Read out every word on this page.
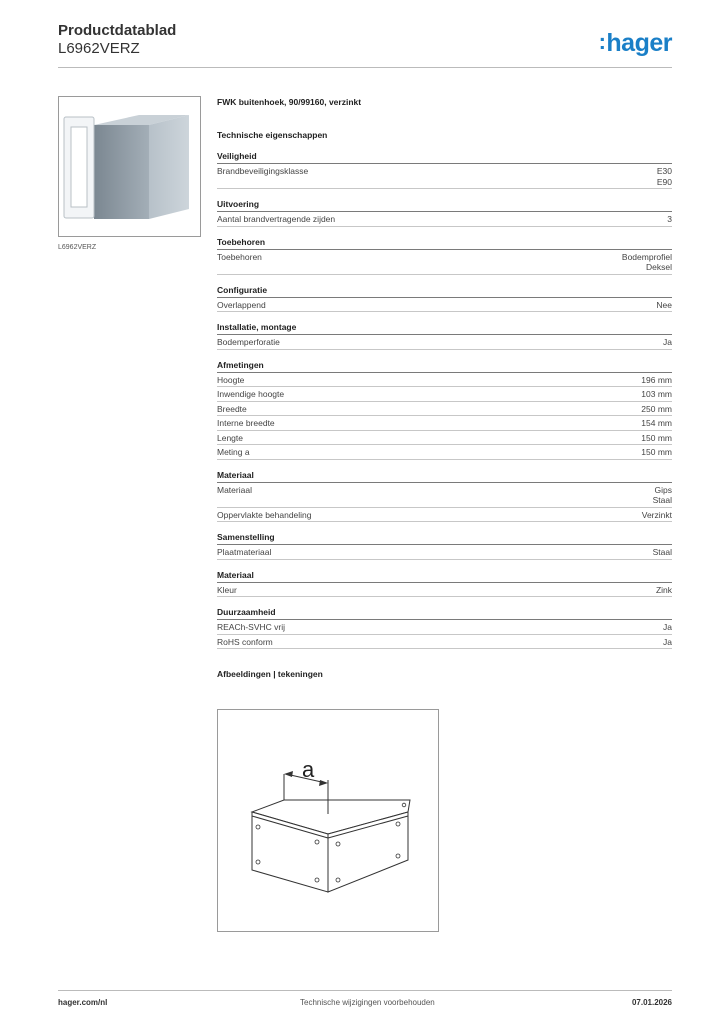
Productdatablad
L6962VERZ	:hager
L6962VERZ
FWK buitenhoek, 90/99160, verzinkt
Technische eigenschappen
Veiligheid
Brandbeveiligingsklasse	E30
E90
Uitvoering
Aantal brandvertragende zijden	3
Toebehoren
Toebehoren	Bodemprofiel
Deksel
Configuratie
Overlappend	Nee
Installatie, montage
Bodemperforatie	Ja
Afmetingen
Hoogte	196 mm
Inwendige hoogte	103 mm
Breedte	250 mm
Interne breedte	154 mm
Lengte	150 mm
Meting a	150 mm
Materiaal
Materiaal	Gips
Staal
Oppervlakte behandeling	Verzinkt
Samenstelling
Plaatmateriaal	Staal
Materiaal
Kleur	Zink
Duurzaamheid
REACh-SVHC vrij	Ja
RoHS conform	Ja
Afbeeldingen | tekeningen
a
hager.com/nl	Technische wijzigingen voorbehouden	07.01.2026
